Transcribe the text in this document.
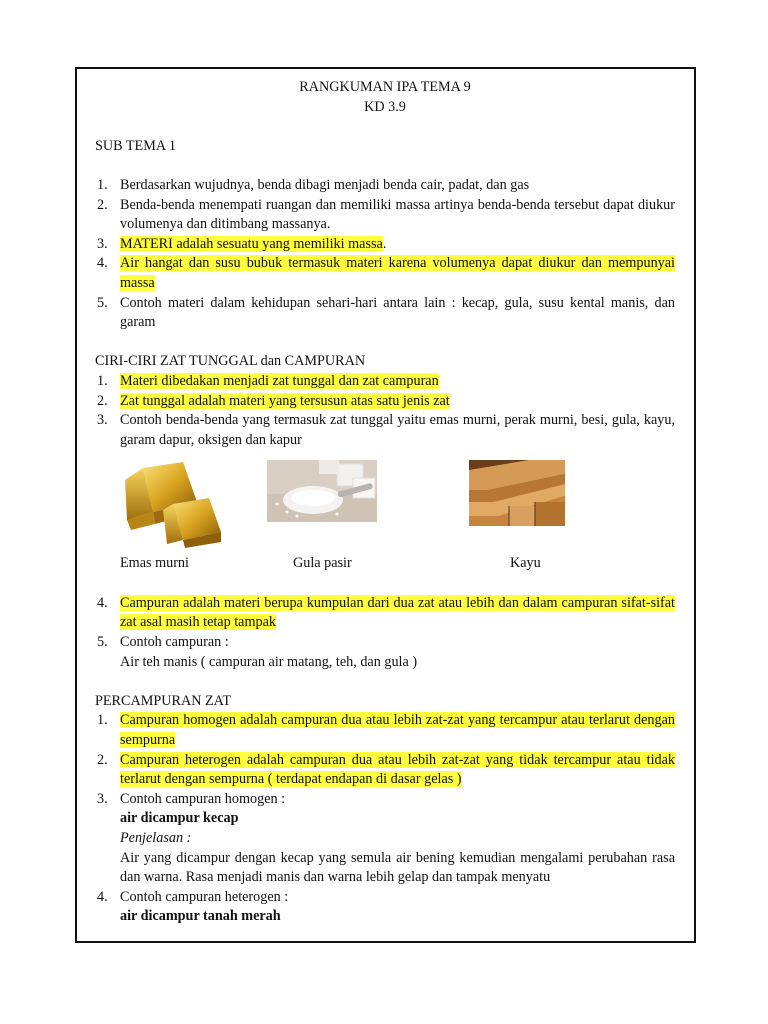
RANGKUMAN IPA TEMA 9
KD 3.9
SUB TEMA 1
1. Berdasarkan wujudnya, benda dibagi menjadi benda cair, padat, dan gas
2. Benda-benda menempati ruangan dan memiliki massa artinya benda-benda tersebut dapat diukur volumenya dan ditimbang massanya.
3. MATERI adalah sesuatu yang memiliki massa.
4. Air hangat dan susu bubuk termasuk materi karena volumenya dapat diukur dan mempunyai massa
5. Contoh materi dalam kehidupan sehari-hari antara lain : kecap, gula, susu kental manis, dan garam
CIRI-CIRI ZAT TUNGGAL dan CAMPURAN
1. Materi dibedakan menjadi zat tunggal dan zat campuran
2. Zat tunggal adalah materi yang tersusun atas satu jenis zat
3. Contoh benda-benda yang termasuk zat tunggal yaitu emas murni, perak murni, besi, gula, kayu, garam dapur, oksigen dan kapur
Emas murni	Gula pasir	Kayu
4. Campuran adalah materi berupa kumpulan dari dua zat atau lebih dan dalam campuran sifat-sifat zat asal masih tetap tampak
5. Contoh campuran :
Air teh manis ( campuran air matang, teh, dan gula )
PERCAMPURAN ZAT
1. Campuran homogen adalah campuran dua atau lebih zat-zat yang tercampur atau terlarut dengan sempurna
2. Campuran heterogen adalah campuran dua atau lebih zat-zat yang tidak tercampur atau tidak terlarut dengan sempurna ( terdapat endapan di dasar gelas )
3. Contoh campuran homogen :
air dicampur kecap
Penjelasan :
Air yang dicampur dengan kecap yang semula air bening kemudian mengalami perubahan rasa dan warna. Rasa menjadi manis dan warna lebih gelap dan tampak menyatu
4. Contoh campuran heterogen :
air dicampur tanah merah
